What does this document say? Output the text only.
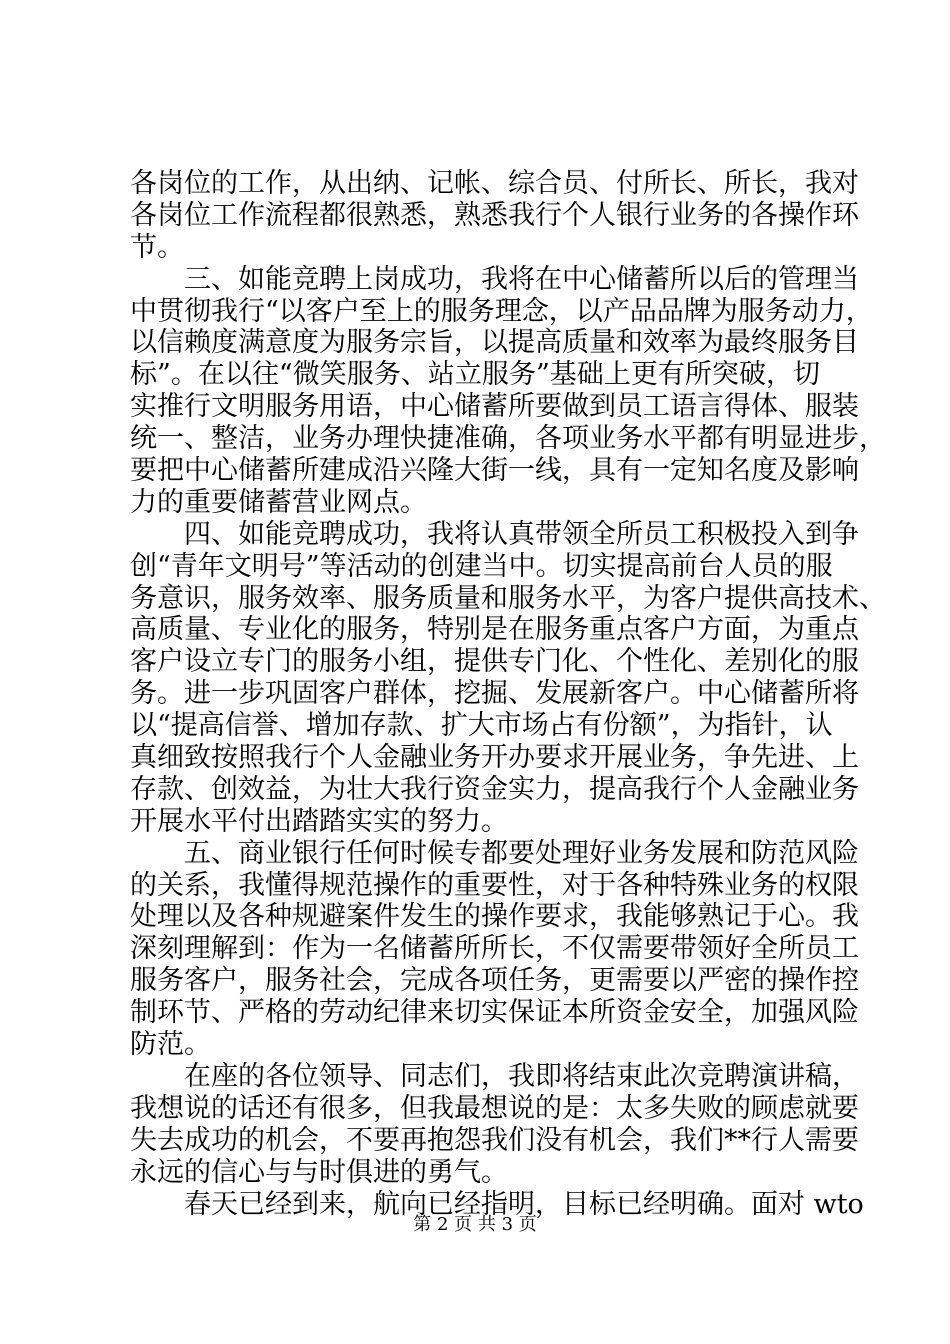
各岗位的工作，从出纳、记帐、综合员、付所长、所长，我对
各岗位工作流程都很熟悉，熟悉我行个人银行业务的各操作环
节。
三、如能竞聘上岗成功，我将在中心储蓄所以后的管理当
中贯彻我行“以客户至上的服务理念，以产品品牌为服务动力，
以信赖度满意度为服务宗旨，以提高质量和效率为最终服务目
标”。在以往“微笑服务、站立服务”基础上更有所突破，切
实推行文明服务用语，中心储蓄所要做到员工语言得体、服装
统一、整洁，业务办理快捷准确，各项业务水平都有明显进步，
要把中心储蓄所建成沿兴隆大街一线，具有一定知名度及影响
力的重要储蓄营业网点。
四、如能竞聘成功，我将认真带领全所员工积极投入到争
创“青年文明号”等活动的创建当中。切实提高前台人员的服
务意识，服务效率、服务质量和服务水平，为客户提供高技术、
高质量、专业化的服务，特别是在服务重点客户方面，为重点
客户设立专门的服务小组，提供专门化、个性化、差别化的服
务。进一步巩固客户群体，挖掘、发展新客户。中心储蓄所将
以“提高信誉、增加存款、扩大市场占有份额”，为指针，认
真细致按照我行个人金融业务开办要求开展业务，争先进、上
存款、创效益，为壮大我行资金实力，提高我行个人金融业务
开展水平付出踏踏实实的努力。
五、商业银行任何时候专都要处理好业务发展和防范风险
的关系，我懂得规范操作的重要性，对于各种特殊业务的权限
处理以及各种规避案件发生的操作要求，我能够熟记于心。我
深刻理解到：作为一名储蓄所所长，不仅需要带领好全所员工
服务客户，服务社会，完成各项任务，更需要以严密的操作控
制环节、严格的劳动纪律来切实保证本所资金安全，加强风险
防范。
在座的各位领导、同志们，我即将结束此次竞聘演讲稿，
我想说的话还有很多，但我最想说的是：太多失败的顾虑就要
失去成功的机会，不要再抱怨我们没有机会，我们**行人需要
永远的信心与与时俱进的勇气。
春天已经到来，航向已经指明，目标已经明确。面对 wto
第 2 页 共 3 页
